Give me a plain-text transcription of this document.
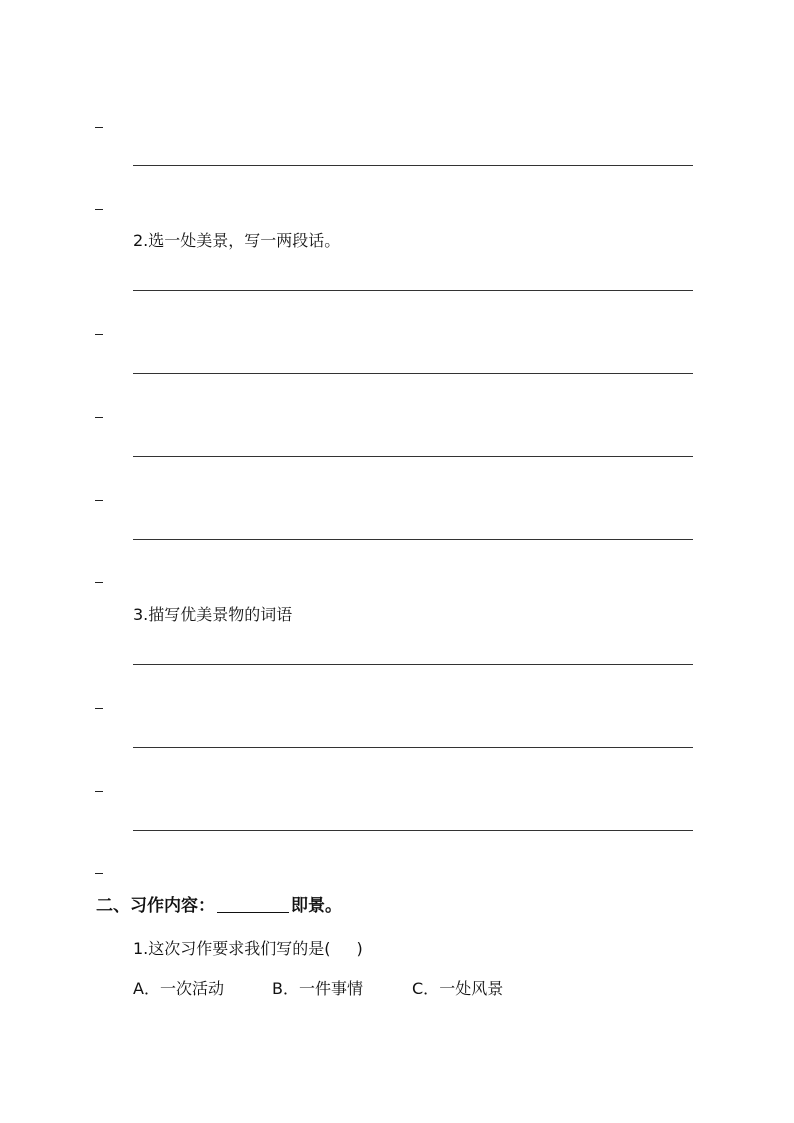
2.选一处美景，写一两段话。
3.描写优美景物的词语
二、习作内容：	即景。
1.这次习作要求我们写的是( )
A．一次活动	B．一件事情	C．一处风景
